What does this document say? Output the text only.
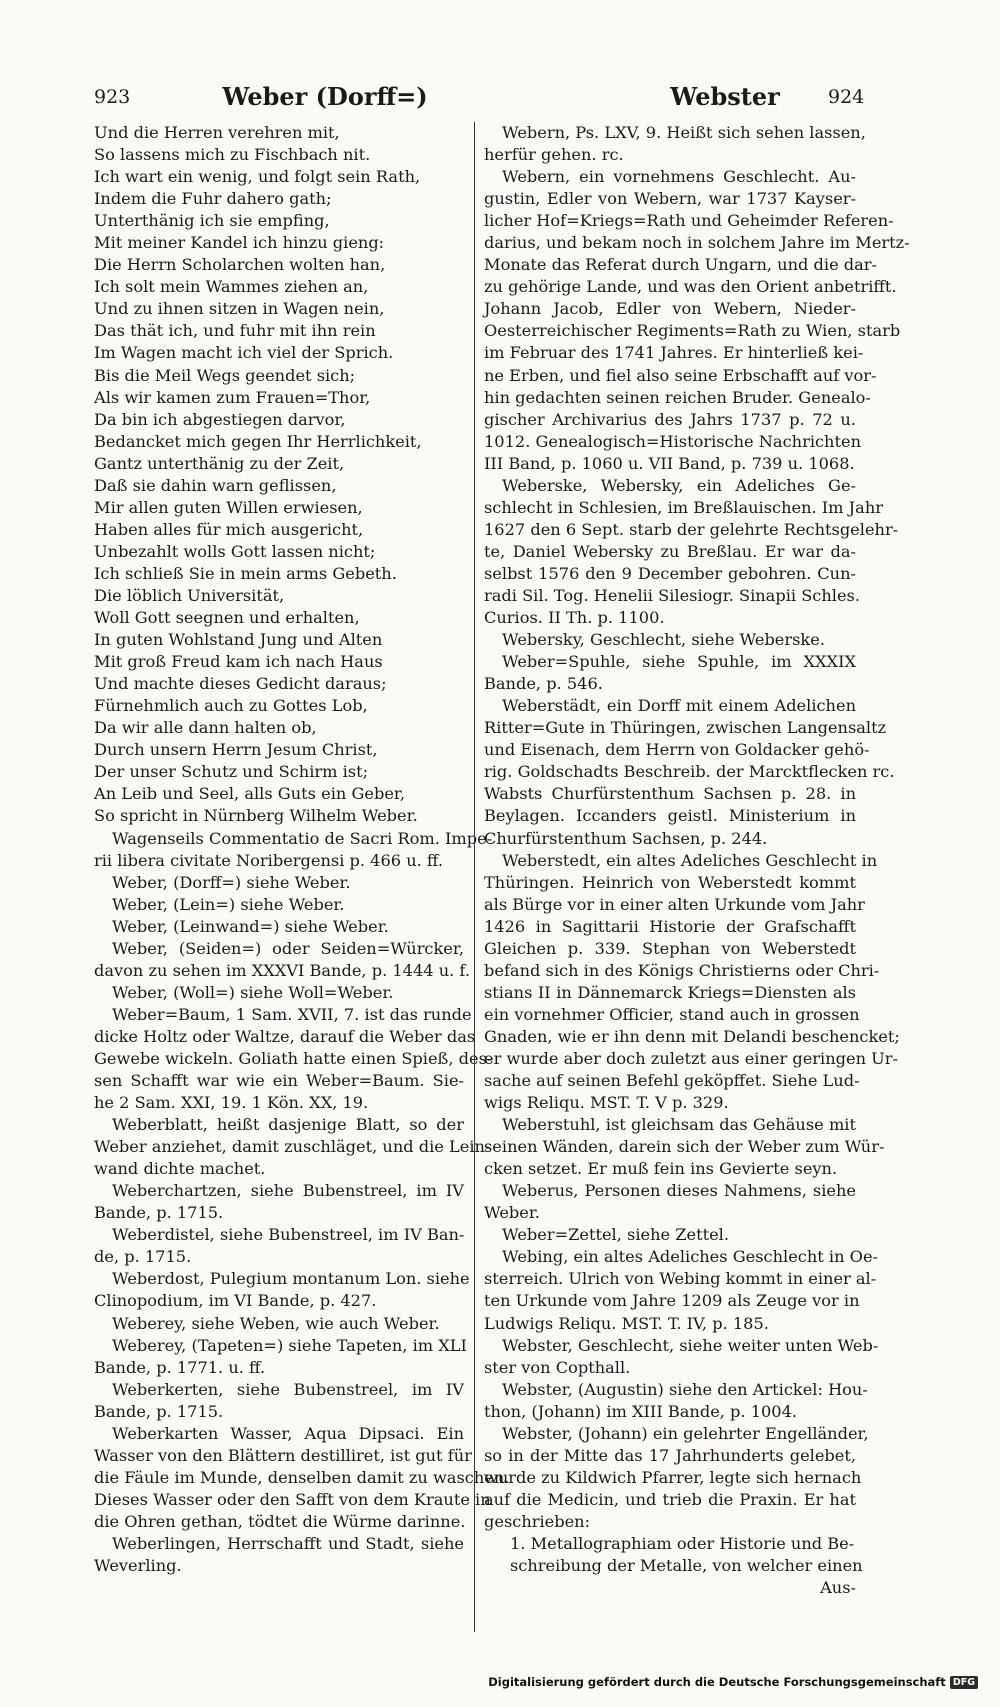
923	Weber (Dorff=)	Webster	924
Und die Herren verehren mit,
So lassens mich zu Fischbach nit.
Ich wart ein wenig, und folgt sein Rath,
Indem die Fuhr dahero gath;
Unterthänig ich sie empfing,
Mit meiner Kandel ich hinzu gieng:
Die Herrn Scholarchen wolten han,
Ich solt mein Wammes ziehen an,
Und zu ihnen sitzen in Wagen nein,
Das thät ich, und fuhr mit ihn rein
Im Wagen macht ich viel der Sprich.
Bis die Meil Wegs geendet sich;
Als wir kamen zum Frauen=Thor,
Da bin ich abgestiegen darvor,
Bedancket mich gegen Ihr Herrlichkeit,
Gantz unterthänig zu der Zeit,
Daß sie dahin warn geflissen,
Mir allen guten Willen erwiesen,
Haben alles für mich ausgericht,
Unbezahlt wolls Gott lassen nicht;
Ich schließ Sie in mein arms Gebeth.
Die löblich Universität,
Woll Gott seegnen und erhalten,
In guten Wohlstand Jung und Alten
Mit groß Freud kam ich nach Haus
Und machte dieses Gedicht daraus;
Fürnehmlich auch zu Gottes Lob,
Da wir alle dann halten ob,
Durch unsern Herrn Jesum Christ,
Der unser Schutz und Schirm ist;
An Leib und Seel, alls Guts ein Geber,
So spricht in Nürnberg Wilhelm Weber.
Wagenseils Commentatio de Sacri Rom. Impe-
rii libera civitate Noribergensi p. 466 u. ff.
Weber, (Dorff=) siehe Weber.
Weber, (Lein=) siehe Weber.
Weber, (Leinwand=) siehe Weber.
Weber, (Seiden=) oder Seiden=Würcker,
davon zu sehen im XXXVI Bande, p. 1444 u. f.
Weber, (Woll=) siehe Woll=Weber.
Weber=Baum, 1 Sam. XVII, 7. ist das runde
dicke Holtz oder Waltze, darauf die Weber das
Gewebe wickeln. Goliath hatte einen Spieß, des-
sen Schafft war wie ein Weber=Baum. Sie-
he 2 Sam. XXI, 19. 1 Kön. XX, 19.
Weberblatt, heißt dasjenige Blatt, so der
Weber anziehet, damit zuschläget, und die Lein-
wand dichte machet.
Weberchartzen, siehe Bubenstreel, im IV
Bande, p. 1715.
Weberdistel, siehe Bubenstreel, im IV Ban-
de, p. 1715.
Weberdost, Pulegium montanum Lon. siehe
Clinopodium, im VI Bande, p. 427.
Weberey, siehe Weben, wie auch Weber.
Weberey, (Tapeten=) siehe Tapeten, im XLI
Bande, p. 1771. u. ff.
Weberkerten, siehe Bubenstreel, im IV
Bande, p. 1715.
Weberkarten Wasser, Aqua Dipsaci. Ein
Wasser von den Blättern destilliret, ist gut für
die Fäule im Munde, denselben damit zu waschen.
Dieses Wasser oder den Safft von dem Kraute in
die Ohren gethan, tödtet die Würme darinne.
Weberlingen, Herrschafft und Stadt, siehe
Weverling.
Webern, Ps. LXV, 9. Heißt sich sehen lassen,
herfür gehen. rc.
Webern, ein vornehmens Geschlecht. Au-
gustin, Edler von Webern, war 1737 Kayser-
licher Hof=Kriegs=Rath und Geheimder Referen-
darius, und bekam noch in solchem Jahre im Mertz-
Monate das Referat durch Ungarn, und die dar-
zu gehörige Lande, und was den Orient anbetrifft.
Johann Jacob, Edler von Webern, Nieder-
Oesterreichischer Regiments=Rath zu Wien, starb
im Februar des 1741 Jahres. Er hinterließ kei-
ne Erben, und fiel also seine Erbschafft auf vor-
hin gedachten seinen reichen Bruder. Genealo-
gischer Archivarius des Jahrs 1737 p. 72 u.
1012. Genealogisch=Historische Nachrichten
III Band, p. 1060 u. VII Band, p. 739 u. 1068.
Weberske, Webersky, ein Adeliches Ge-
schlecht in Schlesien, im Breßlauischen. Im Jahr
1627 den 6 Sept. starb der gelehrte Rechtsgelehr-
te, Daniel Webersky zu Breßlau. Er war da-
selbst 1576 den 9 December gebohren. Cun-
radi Sil. Tog. Henelii Silesiogr. Sinapii Schles.
Curios. II Th. p. 1100.
Webersky, Geschlecht, siehe Weberske.
Weber=Spuhle, siehe Spuhle, im XXXIX
Bande, p. 546.
Weberstädt, ein Dorff mit einem Adelichen
Ritter=Gute in Thüringen, zwischen Langensaltz
und Eisenach, dem Herrn von Goldacker gehö-
rig. Goldschadts Beschreib. der Marcktflecken rc.
Wabsts Churfürstenthum Sachsen p. 28. in
Beylagen. Iccanders geistl. Ministerium in
Churfürstenthum Sachsen, p. 244.
Weberstedt, ein altes Adeliches Geschlecht in
Thüringen. Heinrich von Weberstedt kommt
als Bürge vor in einer alten Urkunde vom Jahr
1426 in Sagittarii Historie der Grafschafft
Gleichen p. 339. Stephan von Weberstedt
befand sich in des Königs Christierns oder Chri-
stians II in Dännemarck Kriegs=Diensten als
ein vornehmer Officier, stand auch in grossen
Gnaden, wie er ihn denn mit Delandi beschencket;
er wurde aber doch zuletzt aus einer geringen Ur-
sache auf seinen Befehl geköpffet. Siehe Lud-
wigs Reliqu. MST. T. V p. 329.
Weberstuhl, ist gleichsam das Gehäuse mit
seinen Wänden, darein sich der Weber zum Wür-
cken setzet. Er muß fein ins Gevierte seyn.
Weberus, Personen dieses Nahmens, siehe
Weber.
Weber=Zettel, siehe Zettel.
Webing, ein altes Adeliches Geschlecht in Oe-
sterreich. Ulrich von Webing kommt in einer al-
ten Urkunde vom Jahre 1209 als Zeuge vor in
Ludwigs Reliqu. MST. T. IV, p. 185.
Webster, Geschlecht, siehe weiter unten Web-
ster von Copthall.
Webster, (Augustin) siehe den Artickel: Hou-
thon, (Johann) im XIII Bande, p. 1004.
Webster, (Johann) ein gelehrter Engelländer,
so in der Mitte das 17 Jahrhunderts gelebet,
wurde zu Kildwich Pfarrer, legte sich hernach
auf die Medicin, und trieb die Praxin. Er hat
geschrieben:
1. Metallographiam oder Historie und Be-
schreibung der Metalle, von welcher einen
Aus-
Digitalisierung gefördert durch die Deutsche Forschungsgemeinschaft DFG
